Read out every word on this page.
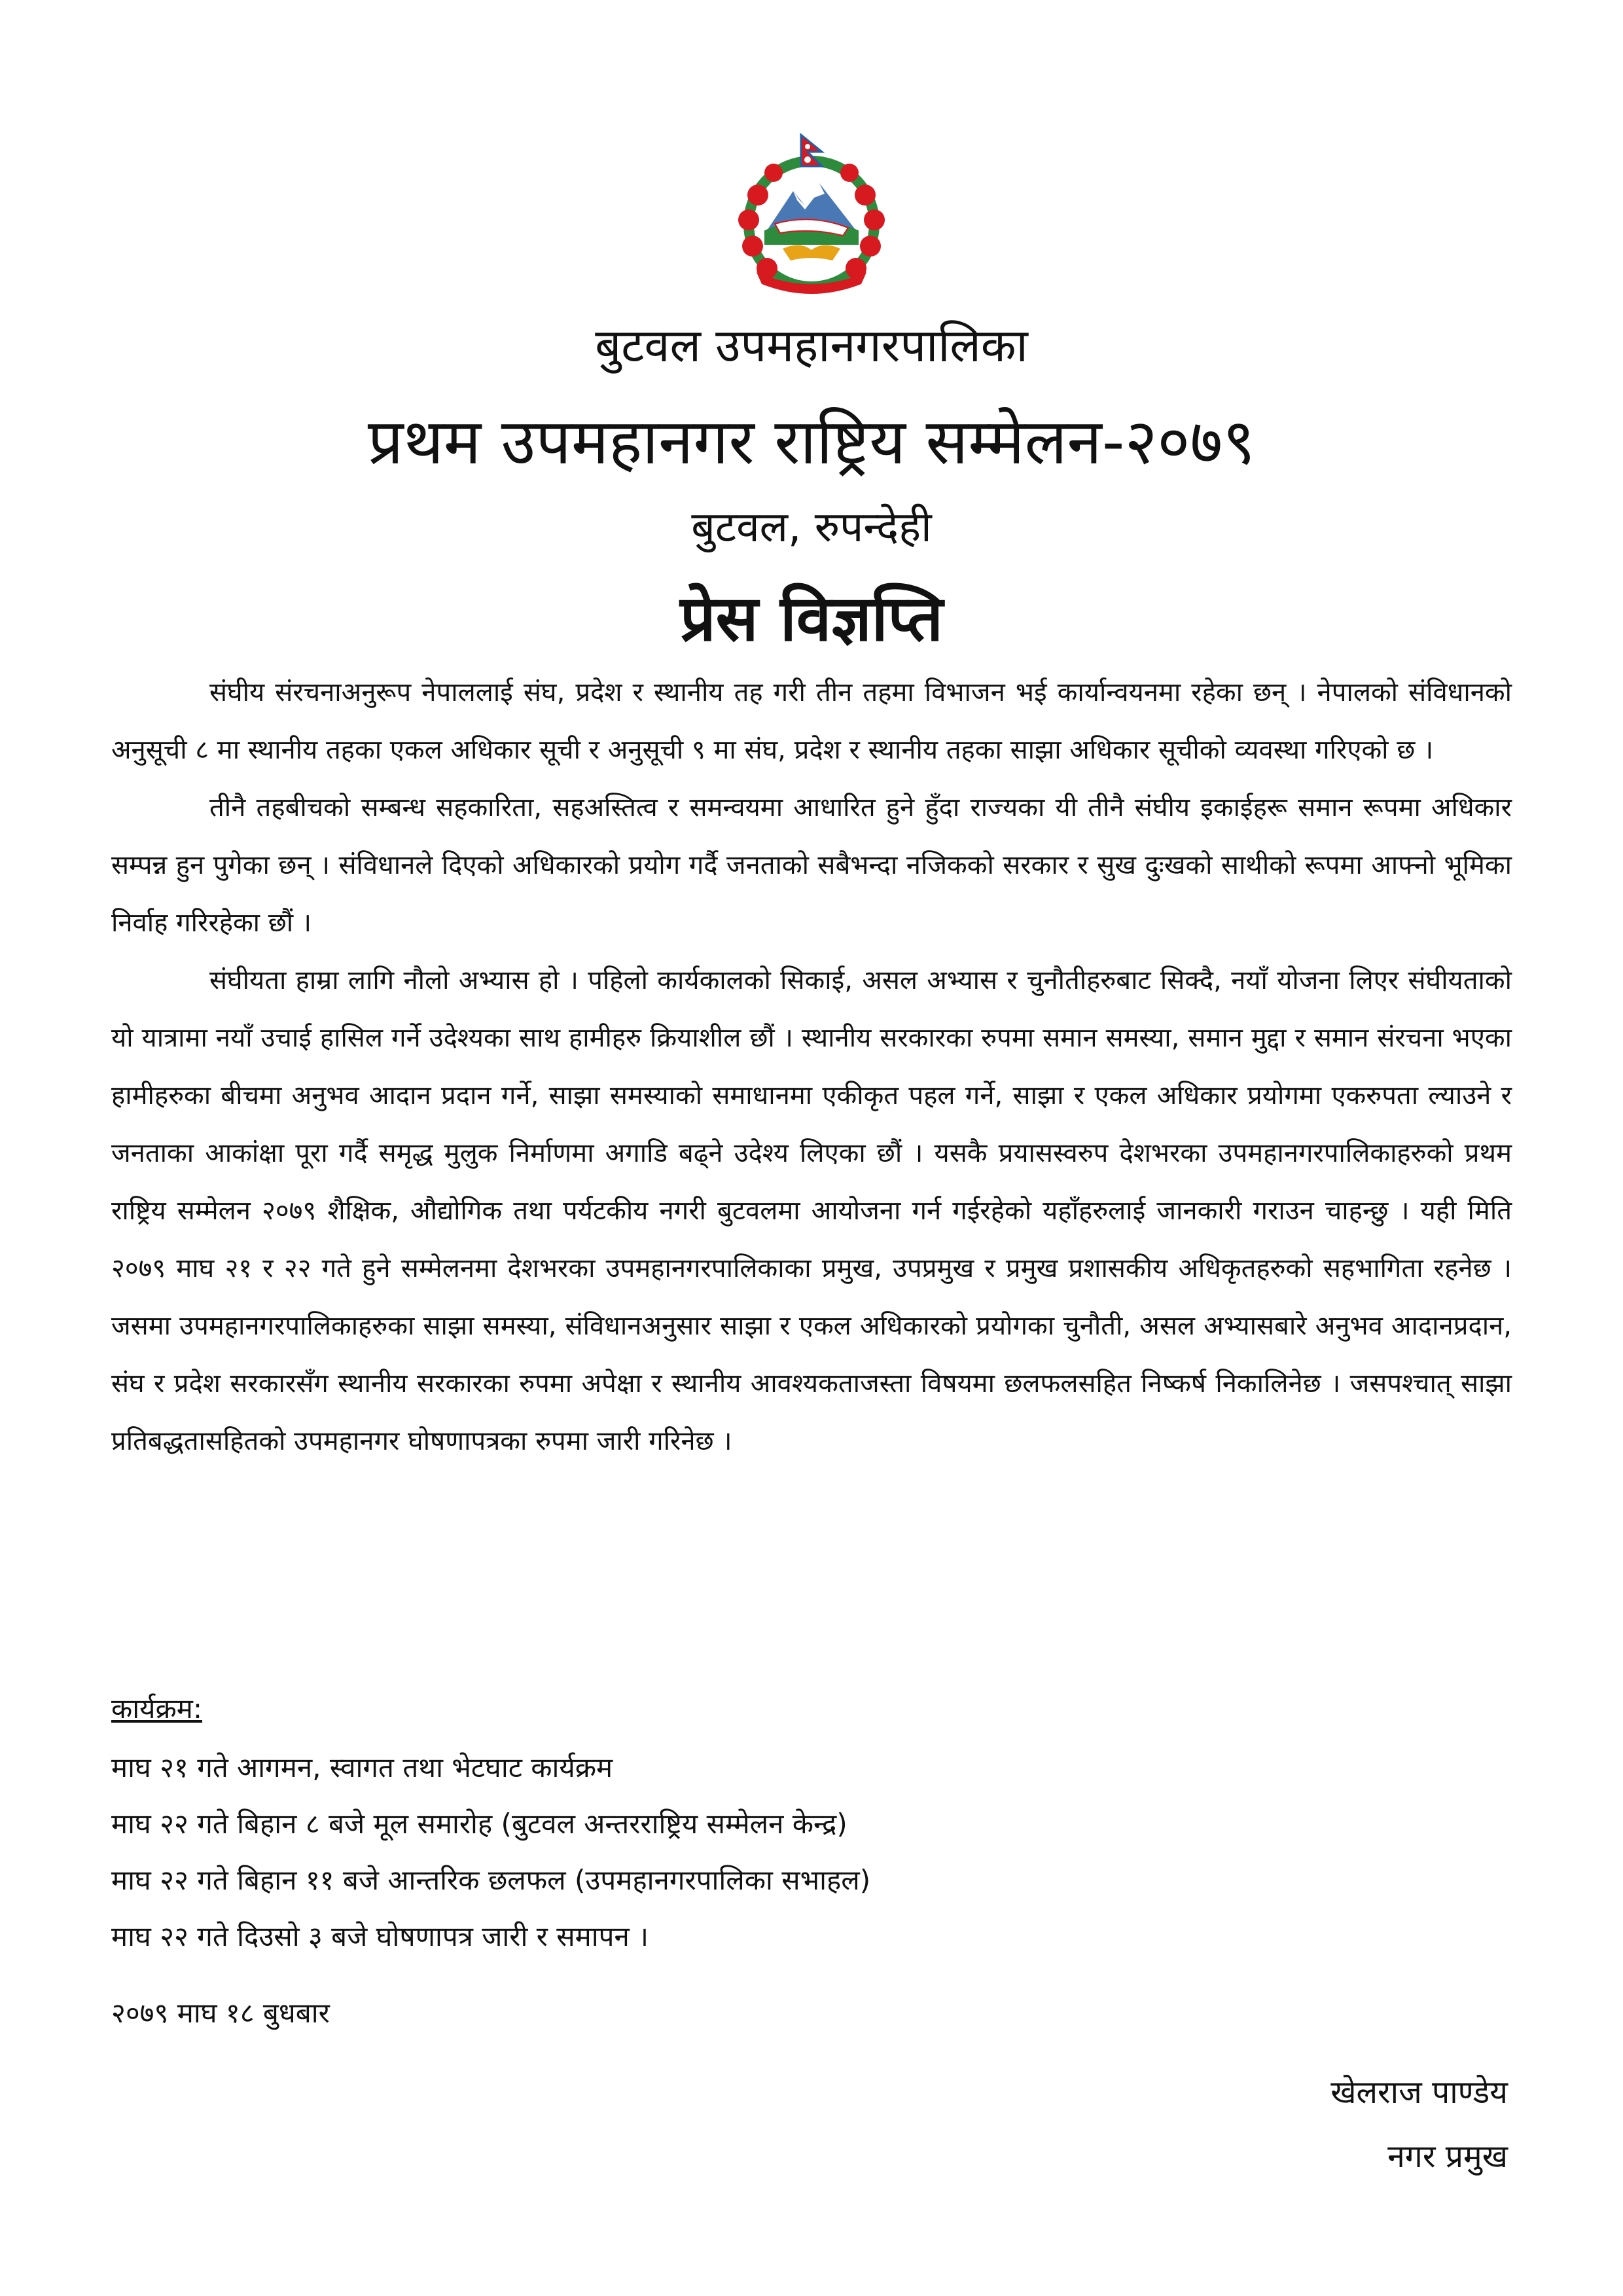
बुटवल उपमहानगरपालिका
प्रथम उपमहानगर राष्ट्रिय सम्मेलन-२०७९
बुटवल, रुपन्देही
प्रेस विज्ञप्ति

संघीय संरचनाअनुरूप नेपाललाई संघ, प्रदेश र स्थानीय तह गरी तीन तहमा विभाजन भई कार्यान्वयनमा रहेका छन् । नेपालको संविधानको अनुसूची ८ मा स्थानीय तहका एकल अधिकार सूची र अनुसूची ९ मा संघ, प्रदेश र स्थानीय तहका साझा अधिकार सूचीको व्यवस्था गरिएको छ ।

तीनै तहबीचको सम्बन्ध सहकारिता, सहअस्तित्व र समन्वयमा आधारित हुने हुँदा राज्यका यी तीनै संघीय इकाईहरू समान रूपमा अधिकार सम्पन्न हुन पुगेका छन् । संविधानले दिएको अधिकारको प्रयोग गर्दै जनताको सबैभन्दा नजिकको सरकार र सुख दुःखको साथीको रूपमा आफ्नो भूमिका निर्वाह गरिरहेका छौं ।

संघीयता हाम्रा लागि नौलो अभ्यास हो । पहिलो कार्यकालको सिकाई, असल अभ्यास र चुनौतीहरुबाट सिक्दै, नयाँ योजना लिएर संघीयताको यो यात्रामा नयाँ उचाई हासिल गर्ने उदेश्यका साथ हामीहरु क्रियाशील छौं । स्थानीय सरकारका रुपमा समान समस्या, समान मुद्दा र समान संरचना भएका हामीहरुका बीचमा अनुभव आदान प्रदान गर्ने, साझा समस्याको समाधानमा एकीकृत पहल गर्ने, साझा र एकल अधिकार प्रयोगमा एकरुपता ल्याउने र जनताका आकांक्षा पूरा गर्दै समृद्ध मुलुक निर्माणमा अगाडि बढ्ने उदेश्य लिएका छौं । यसकै प्रयासस्वरुप देशभरका उपमहानगरपालिकाहरुको प्रथम राष्ट्रिय सम्मेलन २०७९ शैक्षिक, औद्योगिक तथा पर्यटकीय नगरी बुटवलमा आयोजना गर्न गईरहेको यहाँहरुलाई जानकारी गराउन चाहन्छु । यही मिति २०७९ माघ २१ र २२ गते हुने सम्मेलनमा देशभरका उपमहानगरपालिकाका प्रमुख, उपप्रमुख र प्रमुख प्रशासकीय अधिकृतहरुको सहभागिता रहनेछ । जसमा उपमहानगरपालिकाहरुका साझा समस्या, संविधानअनुसार साझा र एकल अधिकारको प्रयोगका चुनौती, असल अभ्यासबारे अनुभव आदानप्रदान, संघ र प्रदेश सरकारसँग स्थानीय सरकारका रुपमा अपेक्षा र स्थानीय आवश्यकताजस्ता विषयमा छलफलसहित निष्कर्ष निकालिनेछ । जसपश्चात् साझा प्रतिबद्धतासहितको उपमहानगर घोषणापत्रका रुपमा जारी गरिनेछ ।

कार्यक्रम:
माघ २१ गते आगमन, स्वागत तथा भेटघाट कार्यक्रम
माघ २२ गते बिहान ८ बजे मूल समारोह (बुटवल अन्तरराष्ट्रिय सम्मेलन केन्द्र)
माघ २२ गते बिहान ११ बजे आन्तरिक छलफल (उपमहानगरपालिका सभाहल)
माघ २२ गते दिउसो ३ बजे घोषणापत्र जारी र समापन ।
२०७९ माघ १८ बुधबार
खेलराज पाण्डेय
नगर प्रमुख
